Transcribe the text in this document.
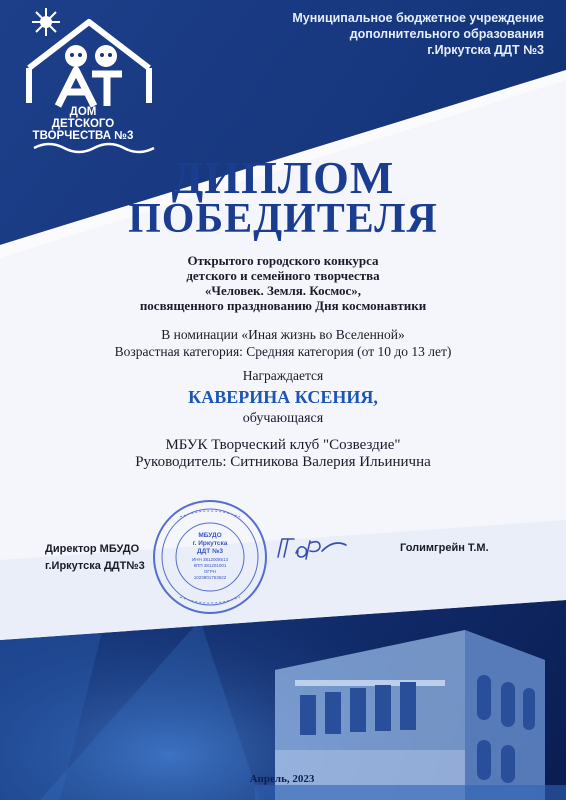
Муниципальное бюджетное учреждение
дополнительного образования
г.Иркутска ДДТ №3
ДОМ
ДЕТСКОГО
ТВОРЧЕСТВА №3
ДИПЛОМ
ПОБЕДИТЕЛЯ
Открытого городского конкурса
детского и семейного творчества
«Человек. Земля. Космос»,
посвященного празднованию Дня космонавтики
В номинации «Иная жизнь во Вселенной»
Возрастная категория: Средняя категория (от 10 до 13 лет)
Награждается
КАВЕРИНА КСЕНИЯ,
обучающаяся
МБУК Творческий клуб "Созвездие"
Руководитель: Ситникова Валерия Ильинична
Директор МБУДО
г.Иркутска ДДТ№3
Голимгрейн Т.М.
МБУДО
г. Иркутска
ДДТ №3
ИНН 3812008513
КПП 381201001
ОГРН
1023801753622
Апрель, 2023
